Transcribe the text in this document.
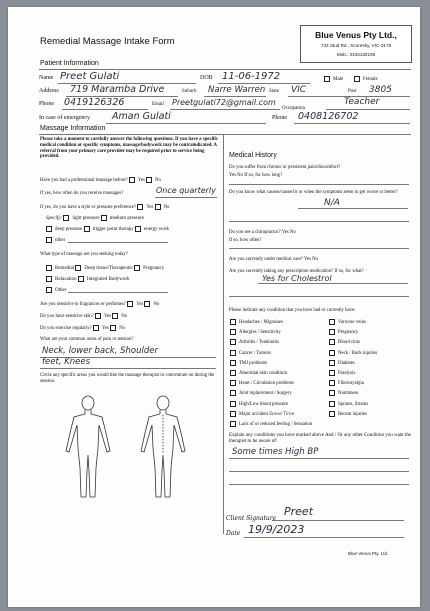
Remedial Massage Intake Form
Blue Venus Pty Ltd.,
733 Stud Rd., Scoresby, VIC-3179
Mob.: 0434130196
Patient Information
Name Preet Gulati	DOB 11-06-1972	Male	Female
Address 719 Maramba Drive	Suburb Narre Warren State VIC	Post 3805
Phone 0419126326	Email Preetgulati72@gmail.com
Occupation
Teacher
In case of emergency Aman Gulati	Phone 0408126702
Massage Information
Please take a moment to carefully answer the following questions. If you have a specific medical condition or specific symptoms, massage/bodywork may be contraindicated. A referral from your primary care provider may be required prior to service being provided.
Have you had a professional massage before? Yes No
If yes, how often do you receive massages?	Once quarterly
If yes, do you have a style or pressure preference? Yes No
Specify: light pressure medium pressure
deep pressure trigger point therapy energy work
other
What type of massage are you seeking today?
Remedial Deep tissue/Therapeutic Pregnancy
Relaxation Integrated Bodywork
Other
Are you sensitive to fragrances or perfumes? Yes No
Do you have sensitive skin? Yes No
Do you exercise regularly? Yes No
What are your common areas of pain or tension?
Neck, lower back, Shoulder
feet, Knees
Circle any specific areas you would like the massage therapist to concentrate on during the session.
Medical History
Do you suffer from chronic or persistent pain/discomfort?
Yes No If so, for how long?
Do you know what causes/caused it or when the symptoms seem to get worse or better?
N/A
Do you see a chiropractor? Yes No
If so, how often?
Are you currently under medical care? Yes No
Are you currently taking any prescription medication? If so, for what?
Yes for Cholestrol
Please indicate any condition that you have had or currently have:
Headaches / Migraines
Allergies / Sensitivity
Arthritis / Tendonitis
Cancer / Tumors
TMJ problems
Abnormal skin condition
Heart / Circulation problems
Joint replacement / Surgery
High/Low blood pressure
Major accident Some Time
Lack of or reduced feeling / Sensation
Varicose veins
Pregnancy
Blood clots
Neck / Back injuries
Diabetes
Paralysis
Fibromyalgia
Numbness
Sprains, Strains
Recent injuries
Explain any conditions you have marked above And / Or any other Condition you want the therapist to be aware of:
Some times High BP
Client Signature
Preet
Date 19/9/2023
Blue Venus Pty. Ltd.
